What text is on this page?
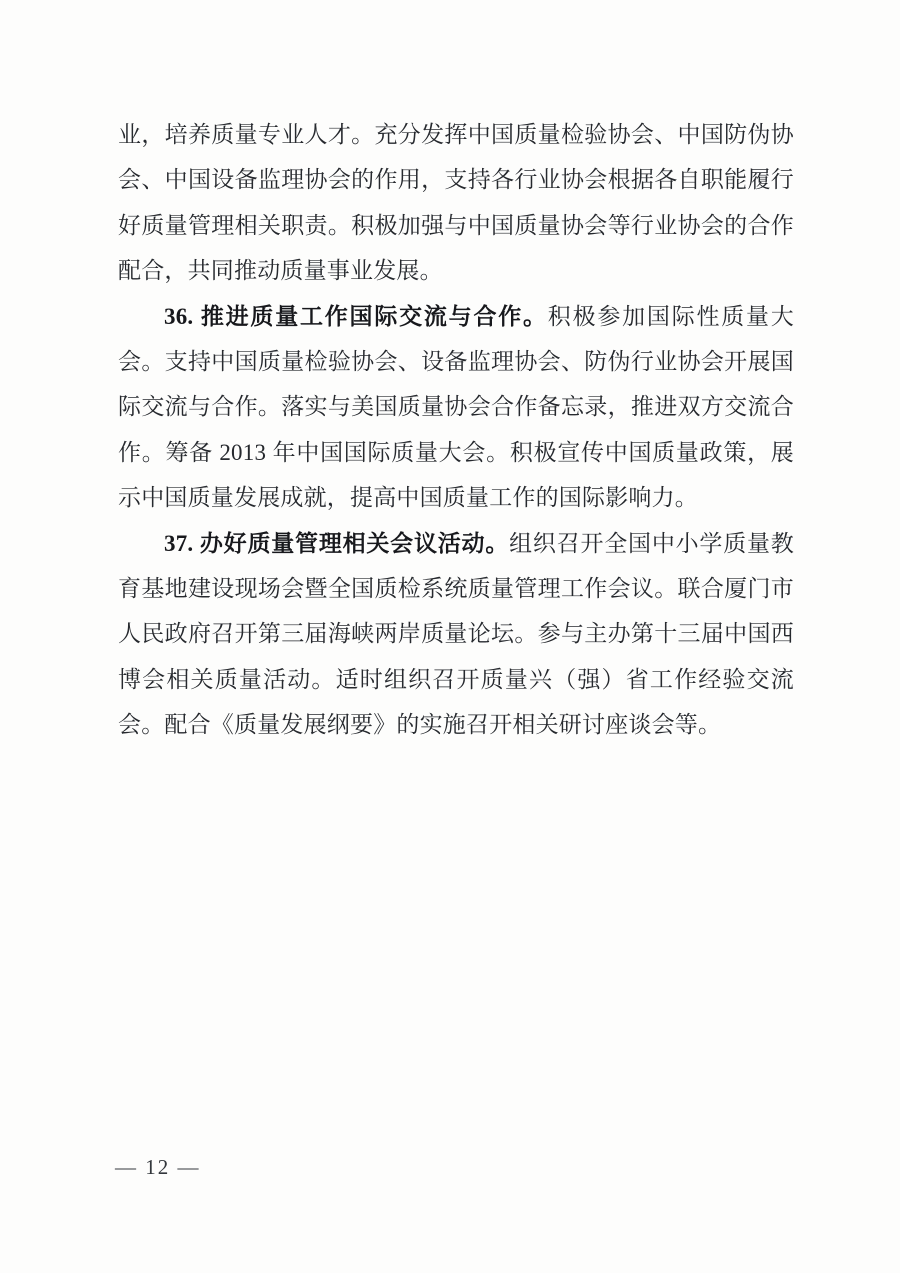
业，培养质量专业人才。充分发挥中国质量检验协会、中国防伪协会、中国设备监理协会的作用，支持各行业协会根据各自职能履行好质量管理相关职责。积极加强与中国质量协会等行业协会的合作配合，共同推动质量事业发展。

36. 推进质量工作国际交流与合作。积极参加国际性质量大会。支持中国质量检验协会、设备监理协会、防伪行业协会开展国际交流与合作。落实与美国质量协会合作备忘录，推进双方交流合作。筹备 2013 年中国国际质量大会。积极宣传中国质量政策，展示中国质量发展成就，提高中国质量工作的国际影响力。

37. 办好质量管理相关会议活动。组织召开全国中小学质量教育基地建设现场会暨全国质检系统质量管理工作会议。联合厦门市人民政府召开第三届海峡两岸质量论坛。参与主办第十三届中国西博会相关质量活动。适时组织召开质量兴（强）省工作经验交流会。配合《质量发展纲要》的实施召开相关研讨座谈会等。

— 12 —
